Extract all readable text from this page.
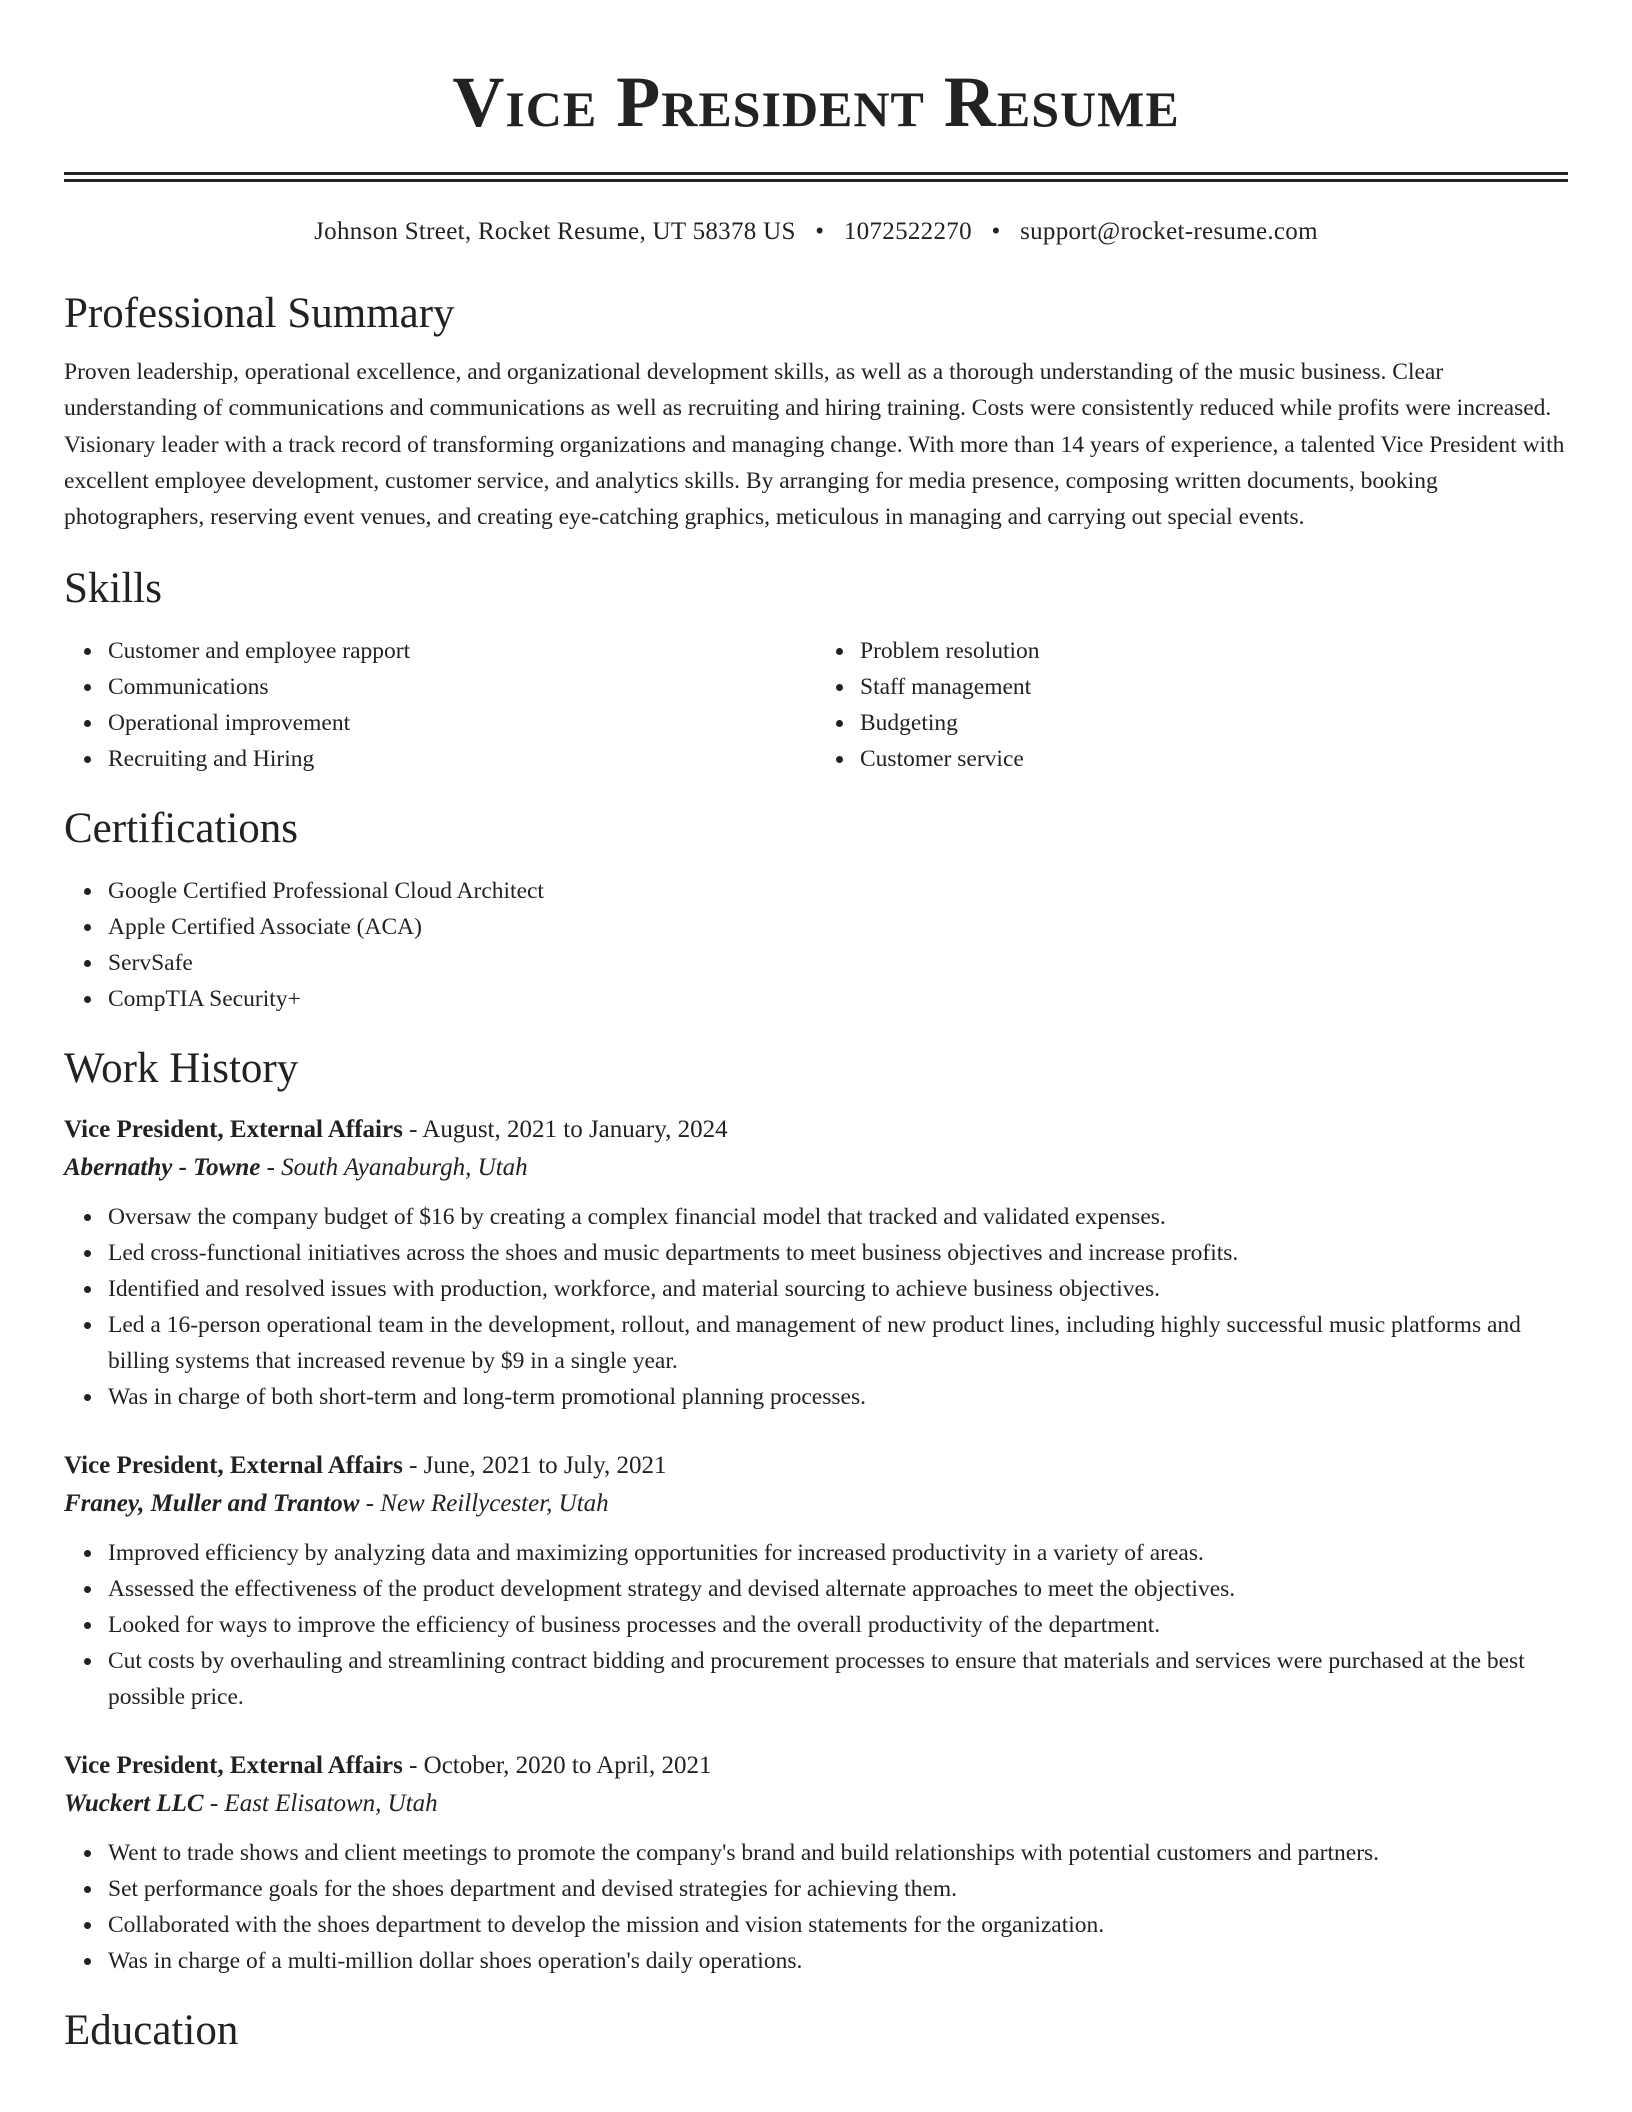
Vice President Resume
Johnson Street, Rocket Resume, UT 58378 US • 1072522270 • support@rocket-resume.com
Professional Summary

Proven leadership, operational excellence, and organizational development skills, as well as a thorough understanding of the music business. Clear understanding of communications and communications as well as recruiting and hiring training. Costs were consistently reduced while profits were increased. Visionary leader with a track record of transforming organizations and managing change. With more than 14 years of experience, a talented Vice President with excellent employee development, customer service, and analytics skills. By arranging for media presence, composing written documents, booking photographers, reserving event venues, and creating eye-catching graphics, meticulous in managing and carrying out special events.

Skills
Customer and employee rapport
Communications
Operational improvement
Recruiting and Hiring
Problem resolution
Staff management
Budgeting
Customer service
Certifications
Google Certified Professional Cloud Architect
Apple Certified Associate (ACA)
ServSafe
CompTIA Security+
Work History
Vice President, External Affairs - August, 2021 to January, 2024
Abernathy - Towne - South Ayanaburgh, Utah
Oversaw the company budget of $16 by creating a complex financial model that tracked and validated expenses.
Led cross-functional initiatives across the shoes and music departments to meet business objectives and increase profits.
Identified and resolved issues with production, workforce, and material sourcing to achieve business objectives.
Led a 16-person operational team in the development, rollout, and management of new product lines, including highly successful music platforms and billing systems that increased revenue by $9 in a single year.
Was in charge of both short-term and long-term promotional planning processes.
Vice President, External Affairs - June, 2021 to July, 2021
Franey, Muller and Trantow - New Reillycester, Utah
Improved efficiency by analyzing data and maximizing opportunities for increased productivity in a variety of areas.
Assessed the effectiveness of the product development strategy and devised alternate approaches to meet the objectives.
Looked for ways to improve the efficiency of business processes and the overall productivity of the department.
Cut costs by overhauling and streamlining contract bidding and procurement processes to ensure that materials and services were purchased at the best possible price.
Vice President, External Affairs - October, 2020 to April, 2021
Wuckert LLC - East Elisatown, Utah
Went to trade shows and client meetings to promote the company's brand and build relationships with potential customers and partners.
Set performance goals for the shoes department and devised strategies for achieving them.
Collaborated with the shoes department to develop the mission and vision statements for the organization.
Was in charge of a multi-million dollar shoes operation's daily operations.
Education
